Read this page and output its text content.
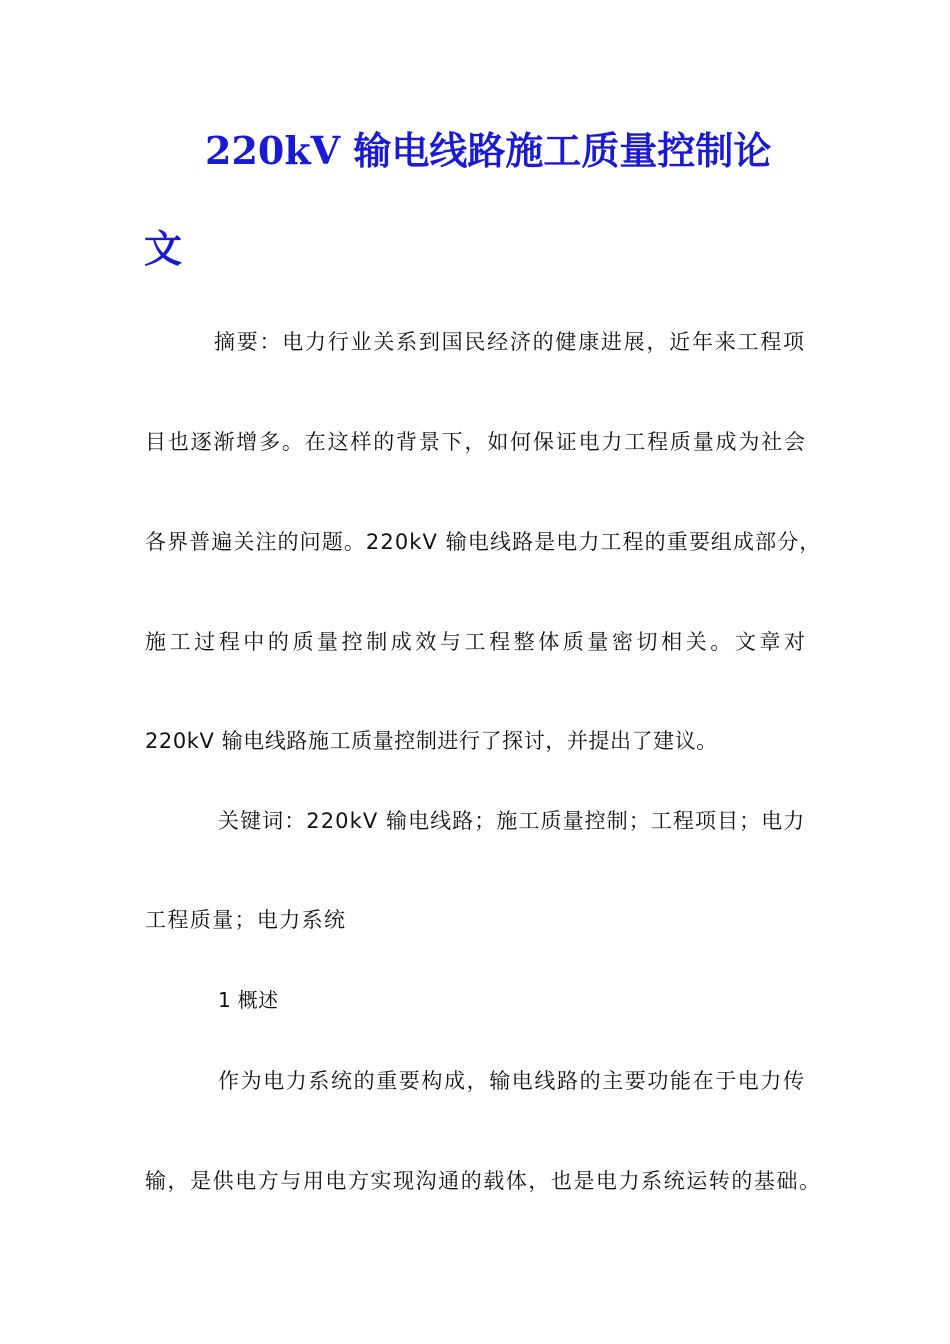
220kV 输电线路施工质量控制论
文

摘要：电力行业关系到国民经济的健康进展，近年来工程项

目也逐渐增多。在这样的背景下，如何保证电力工程质量成为社会

各界普遍关注的问题。220kV 输电线路是电力工程的重要组成部分，

施工过程中的质量控制成效与工程整体质量密切相关。文章对

220kV 输电线路施工质量控制进行了探讨，并提出了建议。

关键词：220kV 输电线路；施工质量控制；工程项目；电力

工程质量；电力系统

1 概述

作为电力系统的重要构成，输电线路的主要功能在于电力传

输，是供电方与用电方实现沟通的载体，也是电力系统运转的基础。
